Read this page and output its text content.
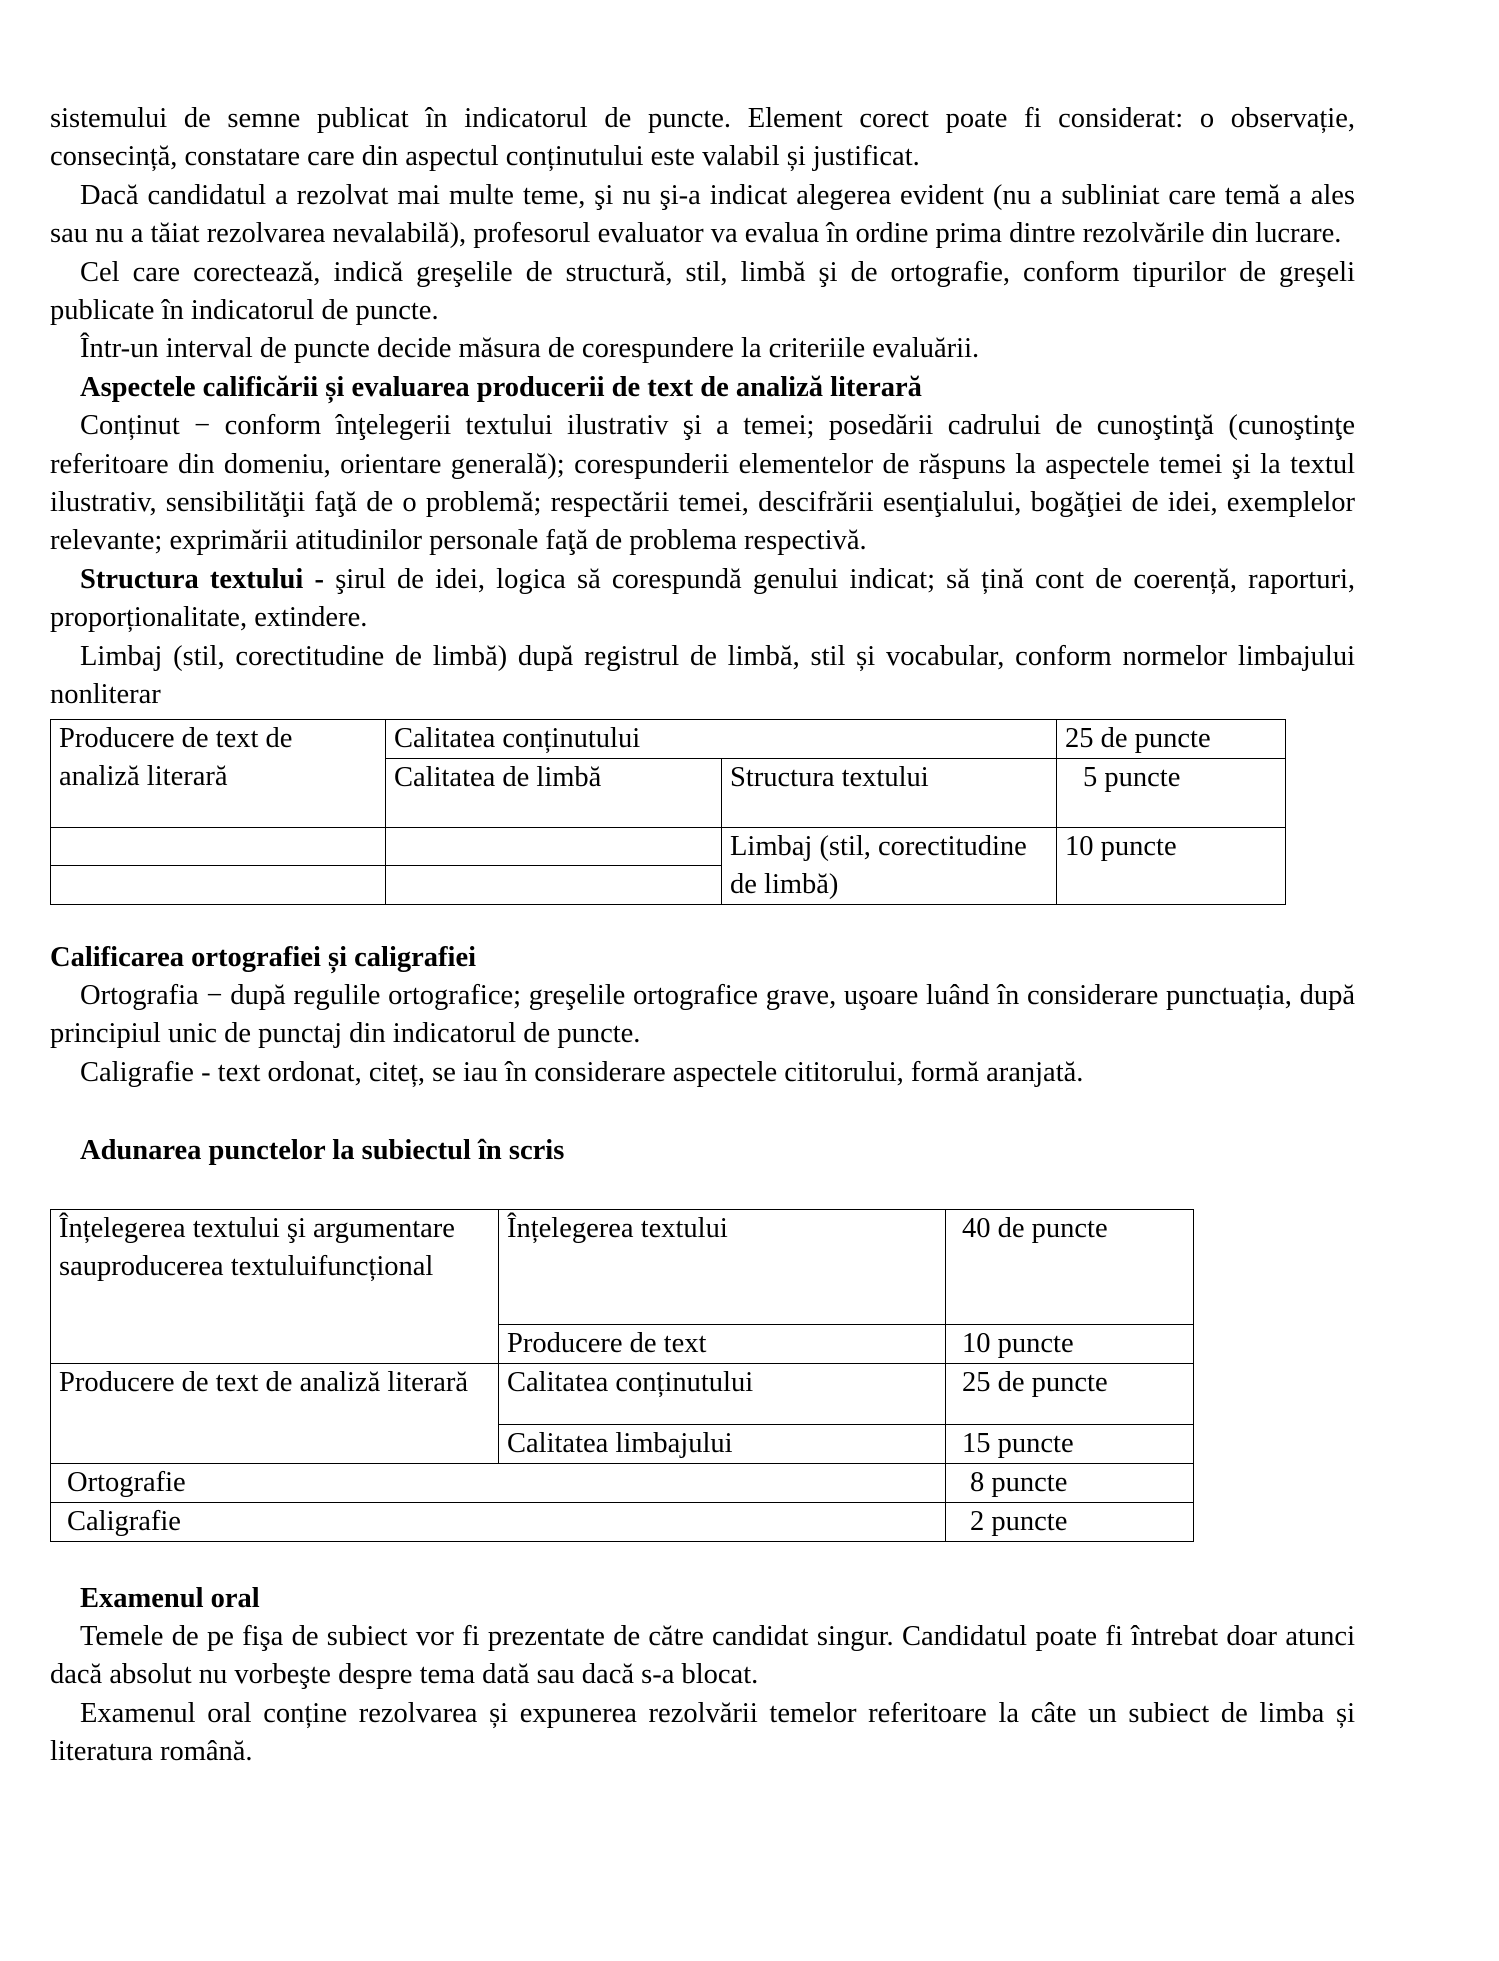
sistemului de semne publicat în indicatorul de puncte. Element corect poate fi considerat: o observație, consecință, constatare care din aspectul conținutului este valabil și justificat.

Dacă candidatul a rezolvat mai multe teme, şi nu şi-a indicat alegerea evident (nu a subliniat care temă a ales sau nu a tăiat rezolvarea nevalabilă), profesorul evaluator va evalua în ordine prima dintre rezolvările din lucrare.

Cel care corectează, indică greşelile de structură, stil, limbă şi de ortografie, conform tipurilor de greşeli publicate în indicatorul de puncte.

Într-un interval de puncte decide măsura de corespundere la criteriile evaluării.

Aspectele calificării și evaluarea producerii de text de analiză literară

Conținut − conform înţelegerii textului ilustrativ şi a temei; posedării cadrului de cunoştinţă (cunoştinţe referitoare din domeniu, orientare generală); corespunderii elementelor de răspuns la aspectele temei şi la textul ilustrativ, sensibilităţii faţă de o problemă; respectării temei, descifrării esenţialului, bogăţiei de idei, exemplelor relevante; exprimării atitudinilor personale faţă de problema respectivă.

Structura textului - şirul de idei, logica să corespundă genului indicat; să țină cont de coerență, raporturi, proporționalitate, extindere.

Limbaj (stil, corectitudine de limbă) după registrul de limbă, stil și vocabular, conform normelor limbajului nonliterar

Producere de text de analiză literară	Calitatea conținutului		25 de puncte
	Calitatea de limbă	Structura textului	5 puncte
		Limbaj (stil, corectitudine de limbă)	10 puncte

Calificarea ortografiei și caligrafiei

Ortografia − după regulile ortografice; greşelile ortografice grave, uşoare luând în considerare punctuația, după principiul unic de punctaj din indicatorul de puncte.

Caligrafie - text ordonat, citeț, se iau în considerare aspectele cititorului, formă aranjată.

Adunarea punctelor la subiectul în scris

Înțelegerea textului şi argumentare sauproducerea textuluifuncțional	Înțelegerea textului	40 de puncte
	Producere de text	10 puncte
Producere de text de analiză literară	Calitatea conținutului	25 de puncte
	Calitatea limbajului	15 puncte
Ortografie		8 puncte
Caligrafie		2 puncte

Examenul oral

Temele de pe fişa de subiect vor fi prezentate de către candidat singur. Candidatul poate fi întrebat doar atunci dacă absolut nu vorbeşte despre tema dată sau dacă s-a blocat.

Examenul oral conține rezolvarea și expunerea rezolvării temelor referitoare la câte un subiect de limba și literatura română.
